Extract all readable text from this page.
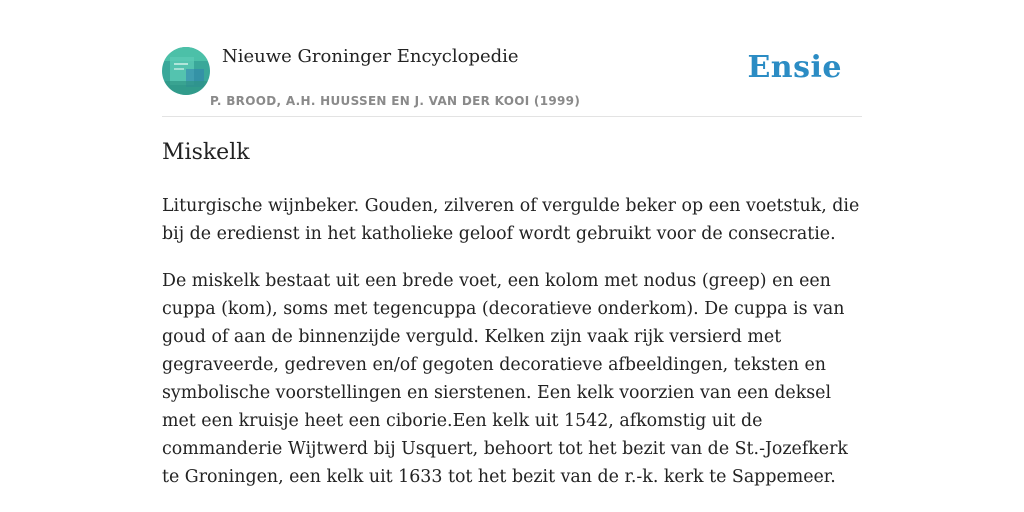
Nieuwe Groninger Encyclopedie
P. BROOD, A.H. HUUSSEN EN J. VAN DER KOOI (1999)
Ensie
Miskelk

Liturgische wijnbeker. Gouden, zilveren of vergulde beker op een voetstuk, die bij de eredienst in het katholieke geloof wordt gebruikt voor de consecratie.

De miskelk bestaat uit een brede voet, een kolom met nodus (greep) en een cuppa (kom), soms met tegencuppa (decoratieve onderkom). De cuppa is van goud of aan de binnenzijde verguld. Kelken zijn vaak rijk versierd met gegraveerde, gedreven en/of gegoten decoratieve afbeeldingen, teksten en symbolische voorstellingen en sierstenen. Een kelk voorzien van een deksel met een kruisje heet een ciborie.Een kelk uit 1542, afkomstig uit de commanderie Wijtwerd bij Usquert, behoort tot het bezit van de St.-Jozefkerk te Groningen, een kelk uit 1633 tot het bezit van de r.-k. kerk te Sappemeer.
